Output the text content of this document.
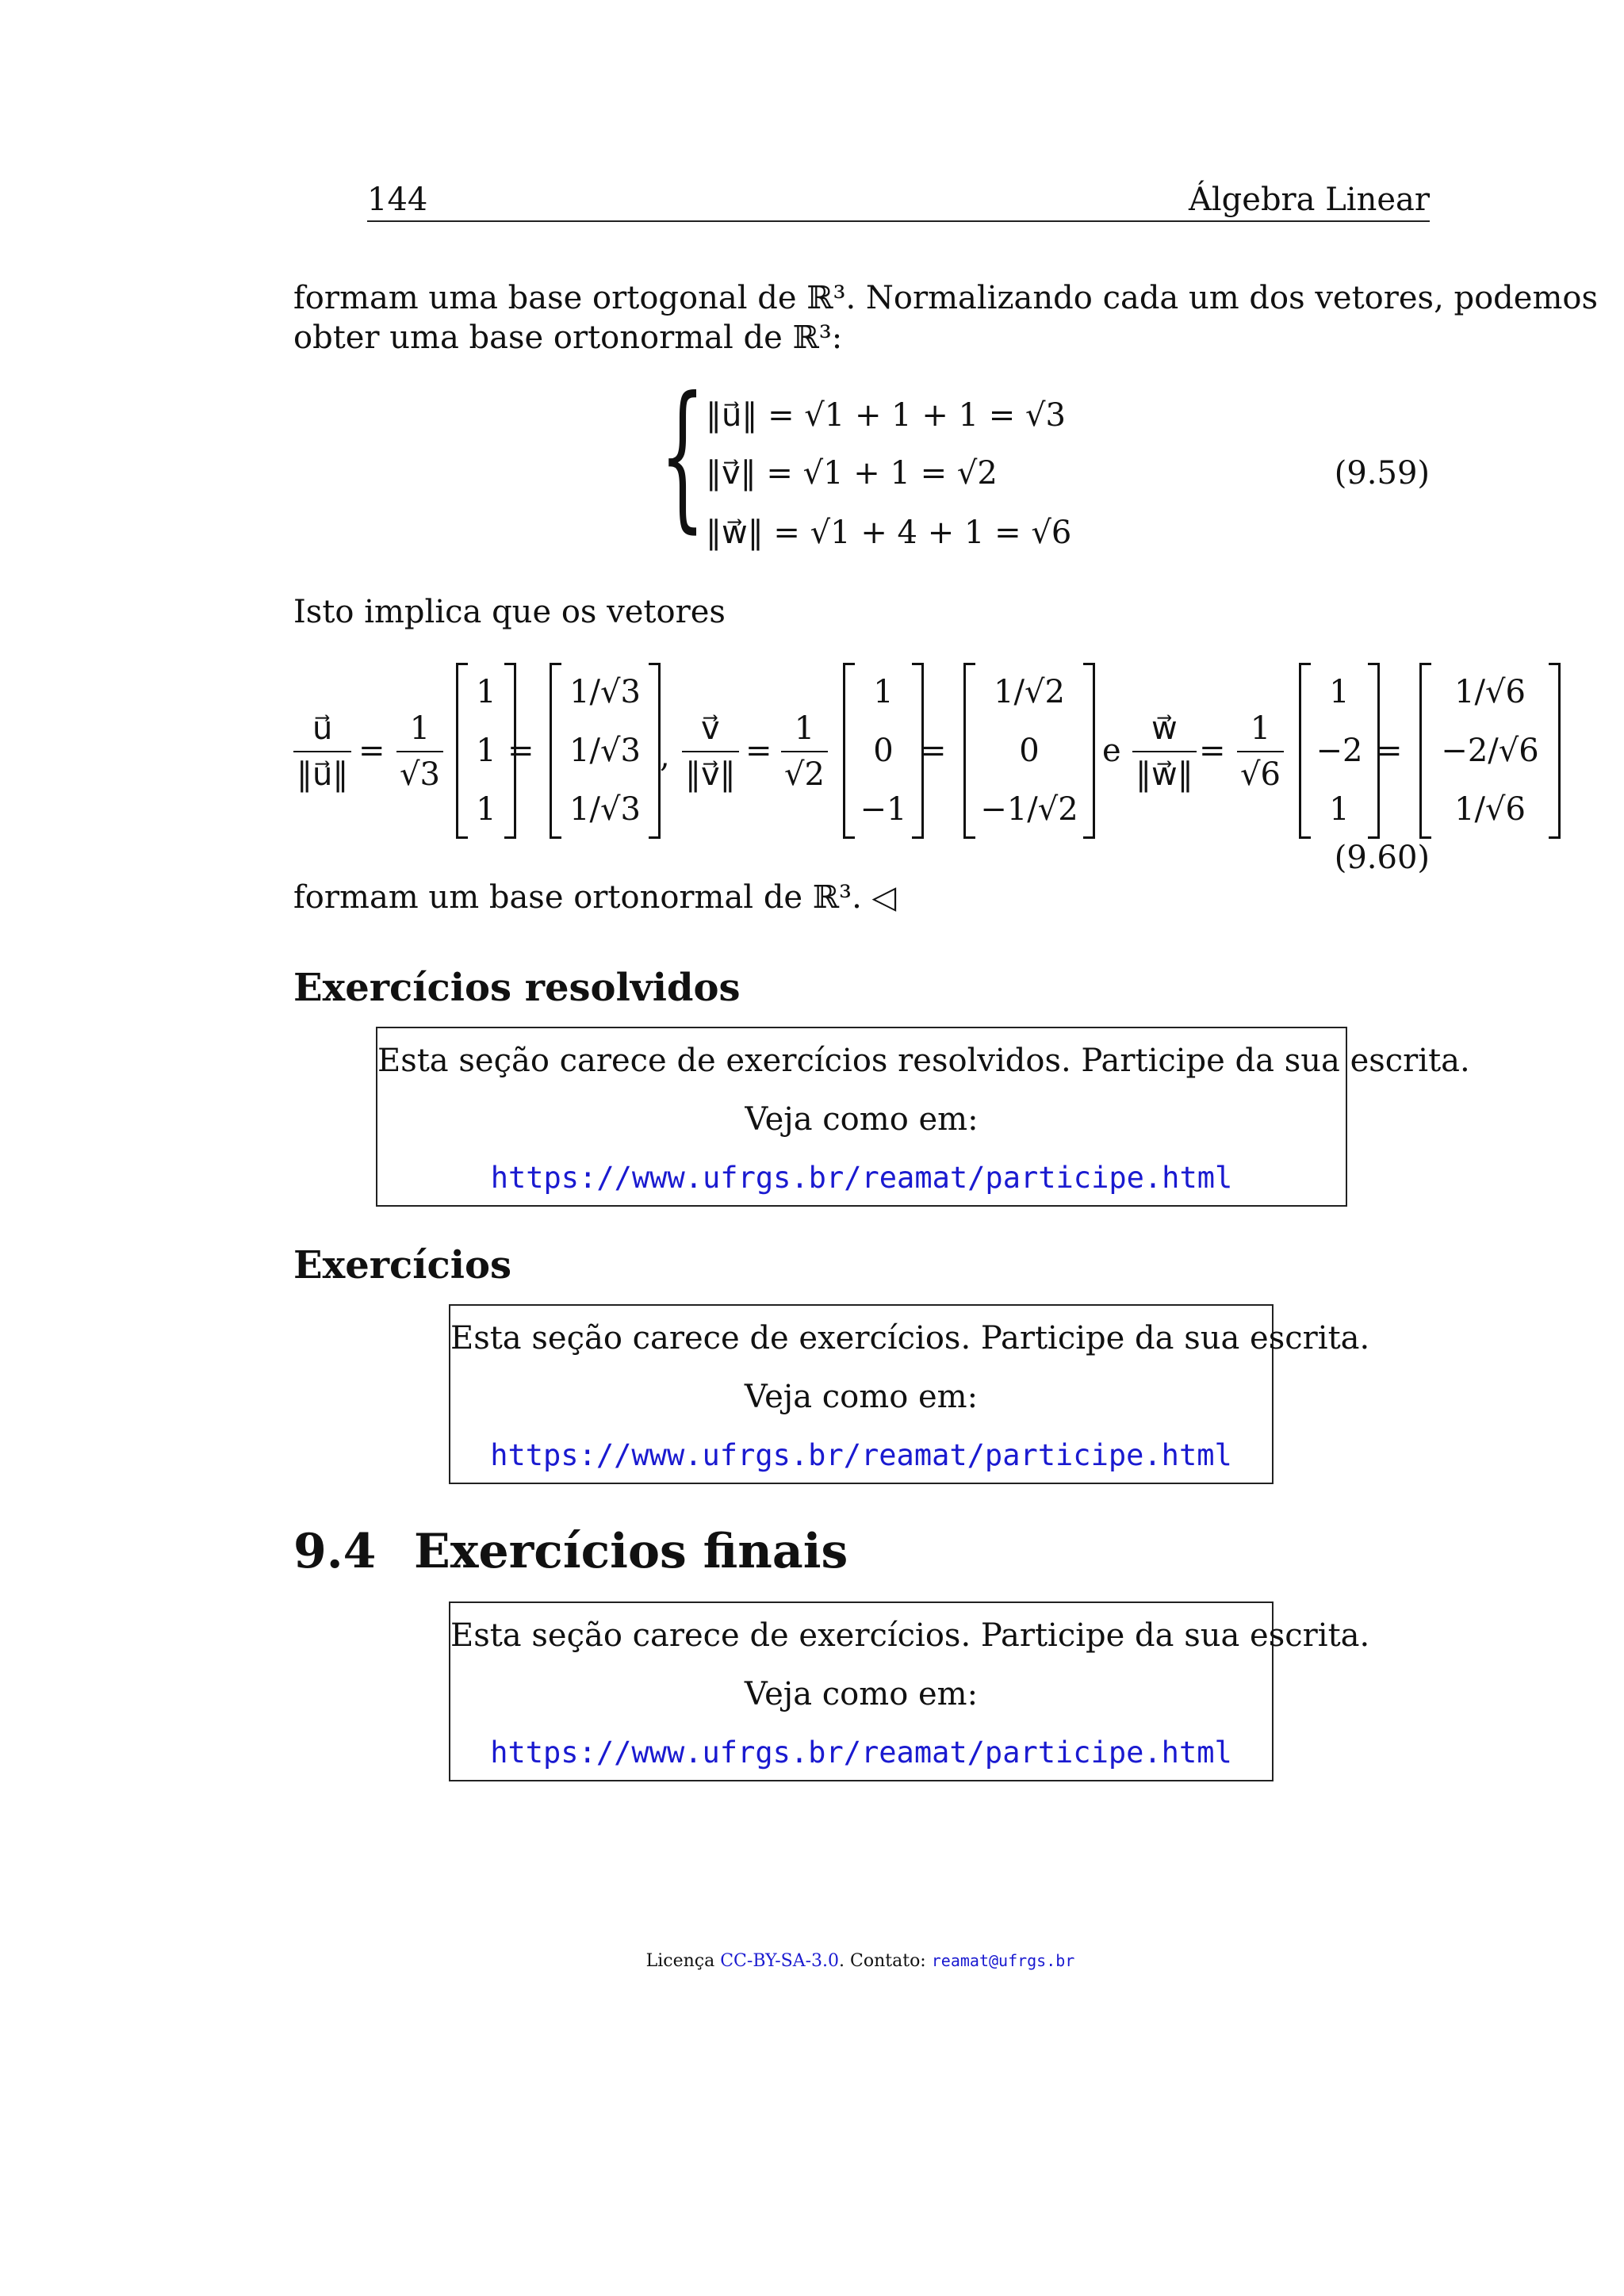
144	Álgebra Linear
formam uma base ortogonal de ℝ³. Normalizando cada um dos vetores, podemos
obter uma base ortonormal de ℝ³:
{ ‖u⃗‖ = √1 + 1 + 1 = √3
‖v⃗‖ = √1 + 1 = √2
‖w⃗‖ = √1 + 4 + 1 = √6
(9.59)
Isto implica que os vetores
u⃗
‖u⃗‖
=
1
√3
1
1
1
=
1/√3
1/√3
1/√3
,
v⃗
‖v⃗‖
=
1
√2
1
0
−1
=
1/√2
0
−1/√2
e
w⃗
‖w⃗‖
=
1
√6
1
−2
1
=
1/√6
−2/√6
1/√6
(9.60)
formam um base ortonormal de ℝ³. ◁
Exercícios resolvidos
Esta seção carece de exercícios resolvidos. Participe da sua escrita.
Veja como em:
https://www.ufrgs.br/reamat/participe.html
Exercícios
Esta seção carece de exercícios. Participe da sua escrita.
Veja como em:
https://www.ufrgs.br/reamat/participe.html
9.4 Exercícios finais
Esta seção carece de exercícios. Participe da sua escrita.
Veja como em:
https://www.ufrgs.br/reamat/participe.html
Licença CC-BY-SA-3.0. Contato: reamat@ufrgs.br
